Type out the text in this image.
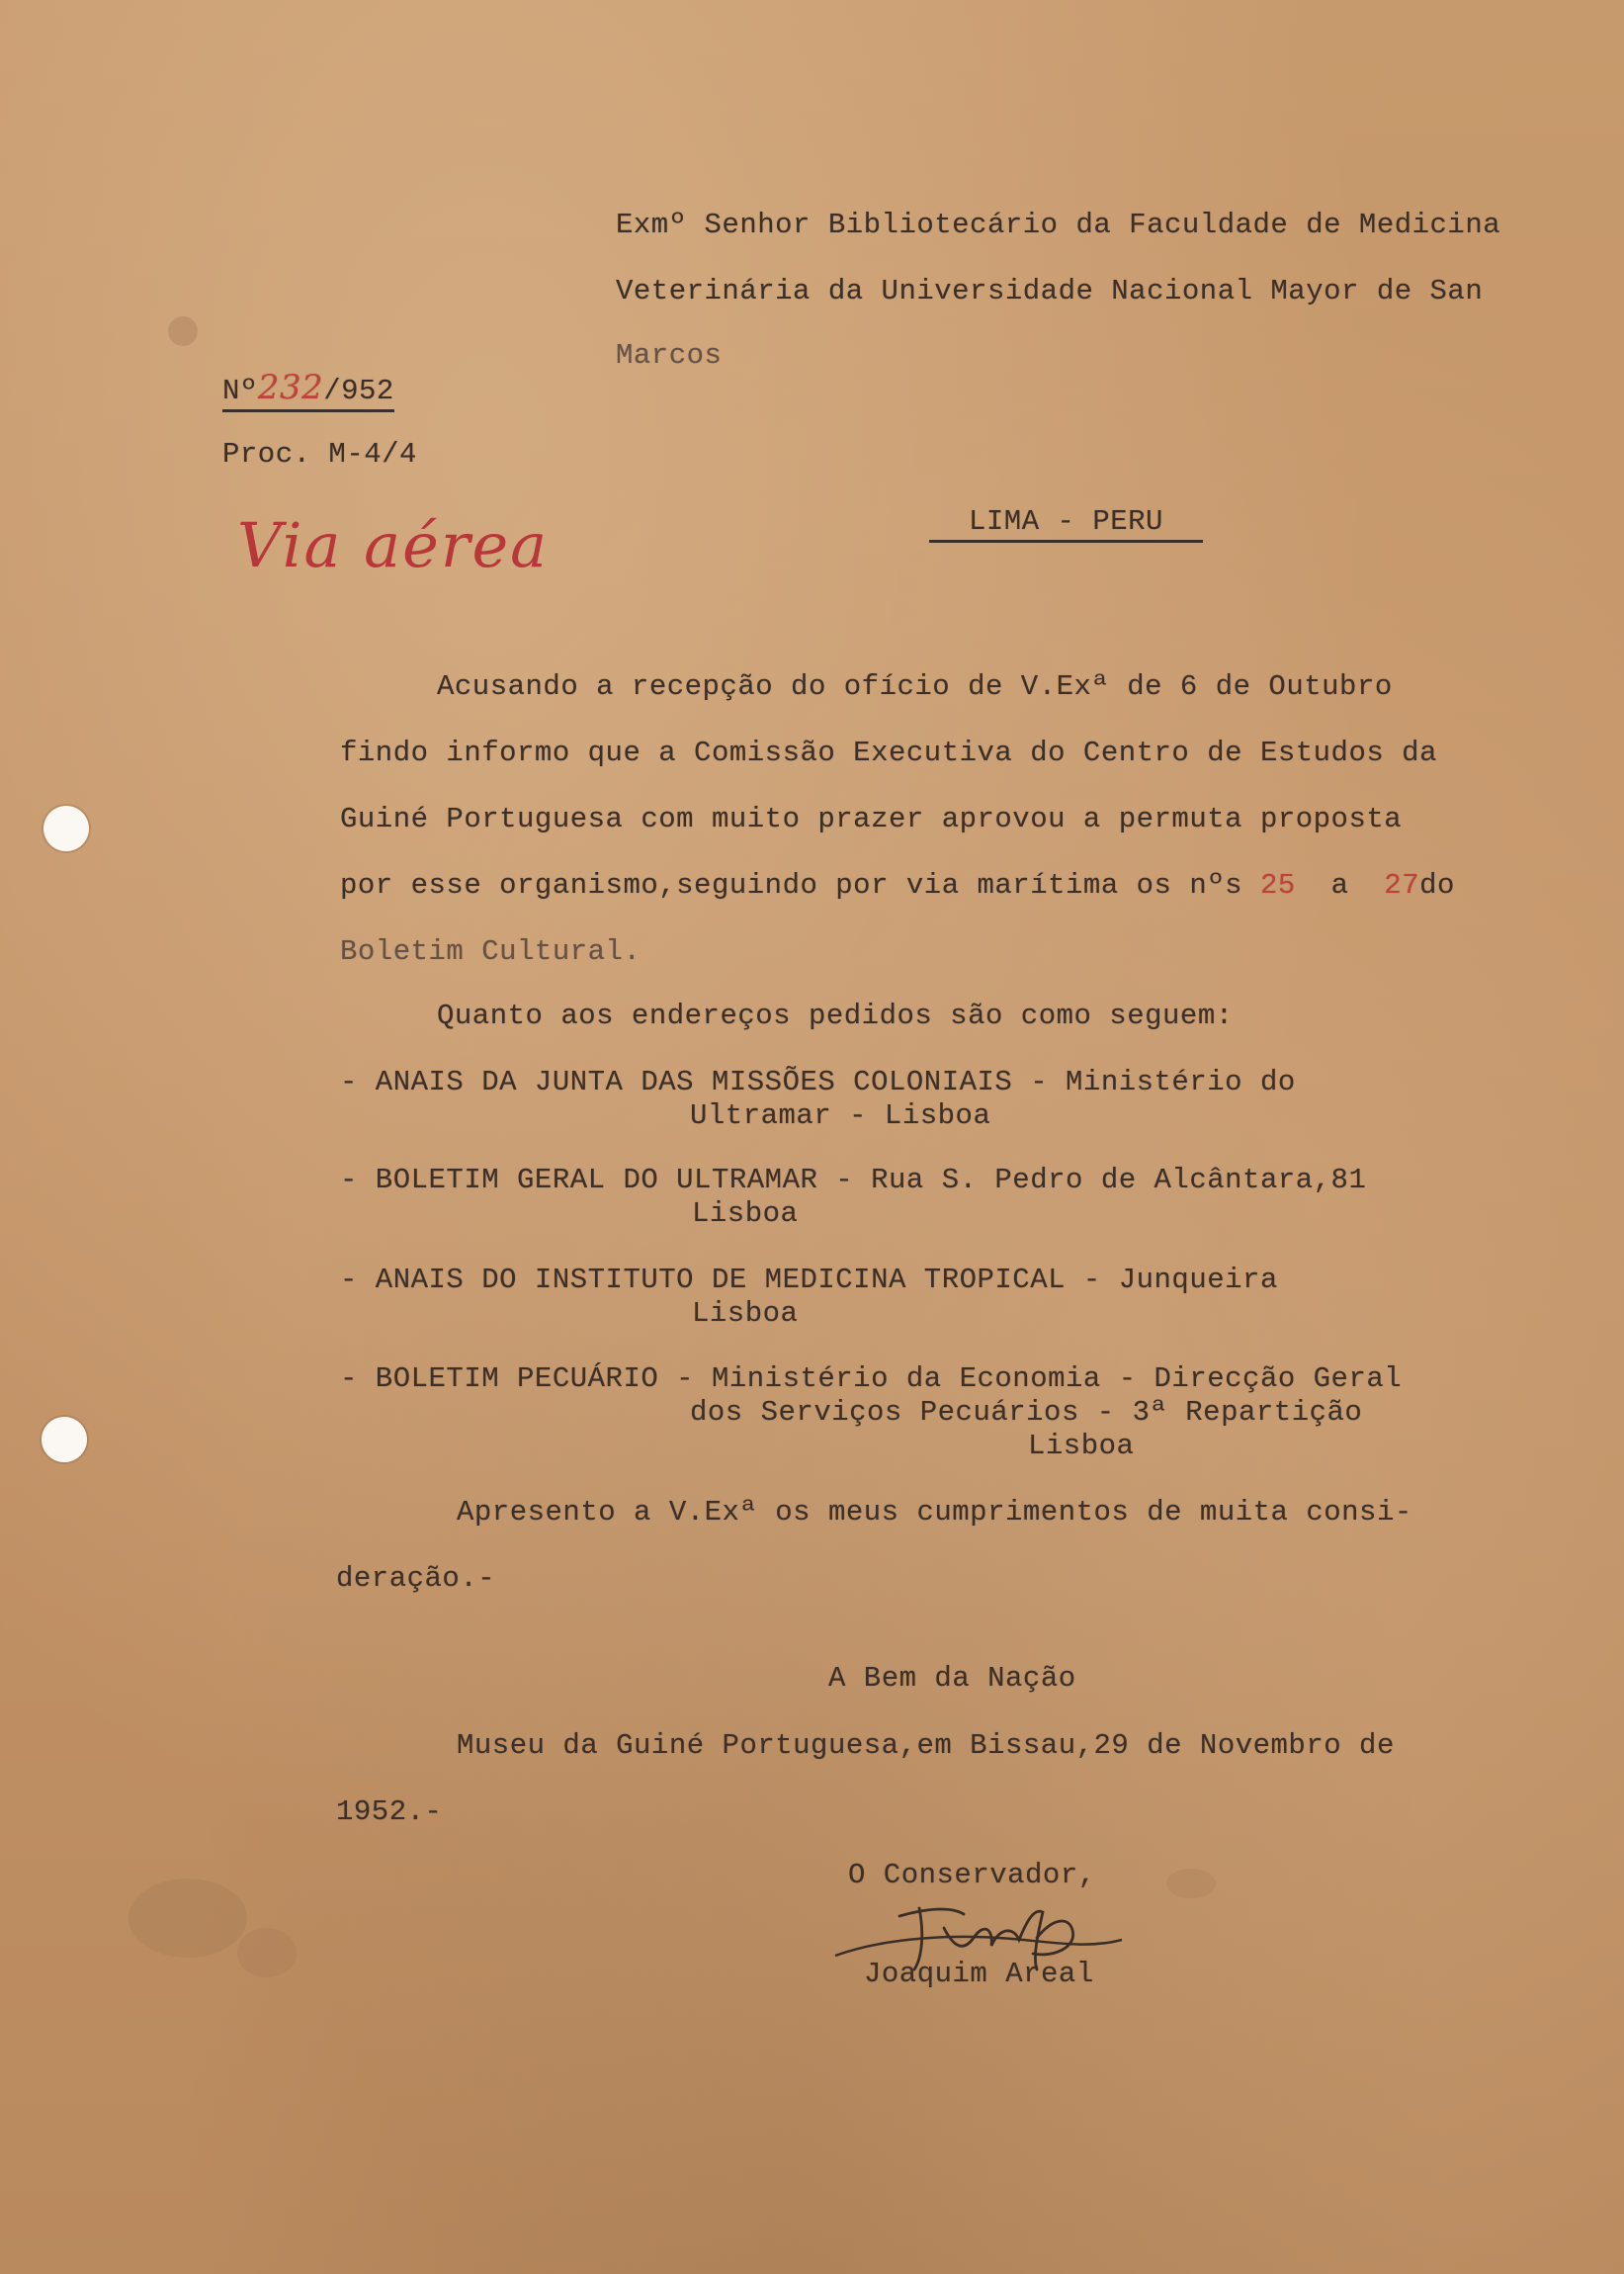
Exmº Senhor Bibliotecário da Faculdade de Medicina
Veterinária da Universidade Nacional Mayor de San
Marcos
Nº232/952
Proc. M-4/4
Via aérea	LIMA - PERU
Acusando a recepção do ofício de V.Exª de 6 de Outubro
findo informo que a Comissão Executiva do Centro de Estudos da
Guiné Portuguesa com muito prazer aprovou a permuta proposta
por esse organismo,seguindo por via marítima os nºs 25 a 27do
Boletim Cultural.
Quanto aos endereços pedidos são como seguem:
- ANAIS DA JUNTA DAS MISSÕES COLONIAIS - Ministério do
Ultramar - Lisboa
- BOLETIM GERAL DO ULTRAMAR - Rua S. Pedro de Alcântara,81
Lisboa
- ANAIS DO INSTITUTO DE MEDICINA TROPICAL - Junqueira
Lisboa
- BOLETIM PECUÁRIO - Ministério da Economia - Direcção Geral
dos Serviços Pecuários - 3ª Repartição
Lisboa
Apresento a V.Exª os meus cumprimentos de muita consi-
deração.-
A Bem da Nação
Museu da Guiné Portuguesa,em Bissau,29 de Novembro de
1952.-
O Conservador,
Joaquim Areal
